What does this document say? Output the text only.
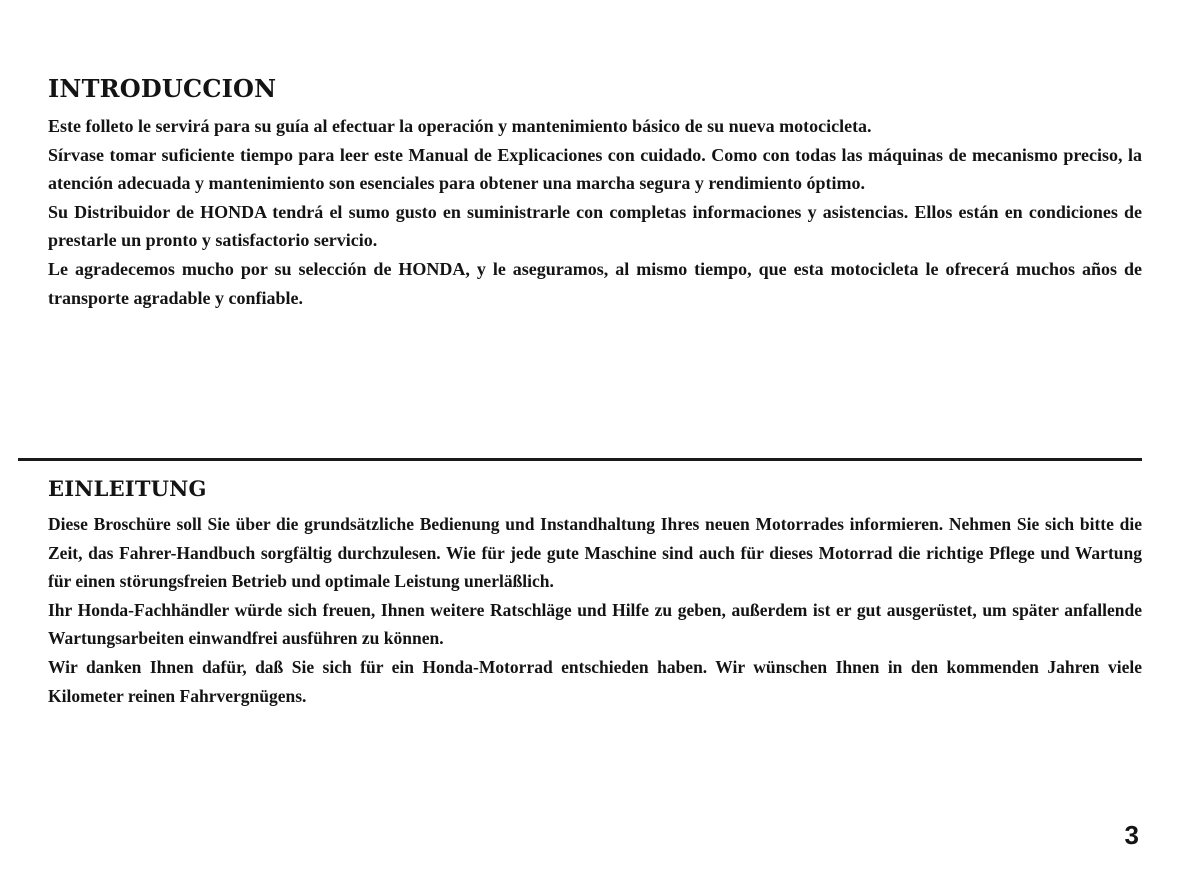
INTRODUCCION

Este folleto le servirá para su guía al efectuar la operación y mantenimiento básico de su nueva motocicleta.

Sírvase tomar suficiente tiempo para leer este Manual de Explicaciones con cuidado. Como con todas las máquinas de mecanismo preciso, la atención adecuada y mantenimiento son esenciales para obtener una marcha segura y rendimiento óptimo.

Su Distribuidor de HONDA tendrá el sumo gusto en suministrarle con completas informaciones y asistencias. Ellos están en condiciones de prestarle un pronto y satisfactorio servicio.

Le agradecemos mucho por su selección de HONDA, y le aseguramos, al mismo tiempo, que esta motocicleta le ofrecerá muchos años de transporte agradable y confiable.

EINLEITUNG

Diese Broschüre soll Sie über die grundsätzliche Bedienung und Instandhaltung Ihres neuen Motorrades informieren. Nehmen Sie sich bitte die Zeit, das Fahrer-Handbuch sorgfältig durchzulesen. Wie für jede gute Maschine sind auch für dieses Motorrad die richtige Pflege und Wartung für einen störungsfreien Betrieb und optimale Leistung unerläßlich.

Ihr Honda-Fachhändler würde sich freuen, Ihnen weitere Ratschläge und Hilfe zu geben, außerdem ist er gut ausgerüstet, um später anfallende Wartungsarbeiten einwandfrei ausführen zu können.

Wir danken Ihnen dafür, daß Sie sich für ein Honda-Motorrad entschieden haben. Wir wünschen Ihnen in den kommenden Jahren viele Kilometer reinen Fahrvergnügens.

3
